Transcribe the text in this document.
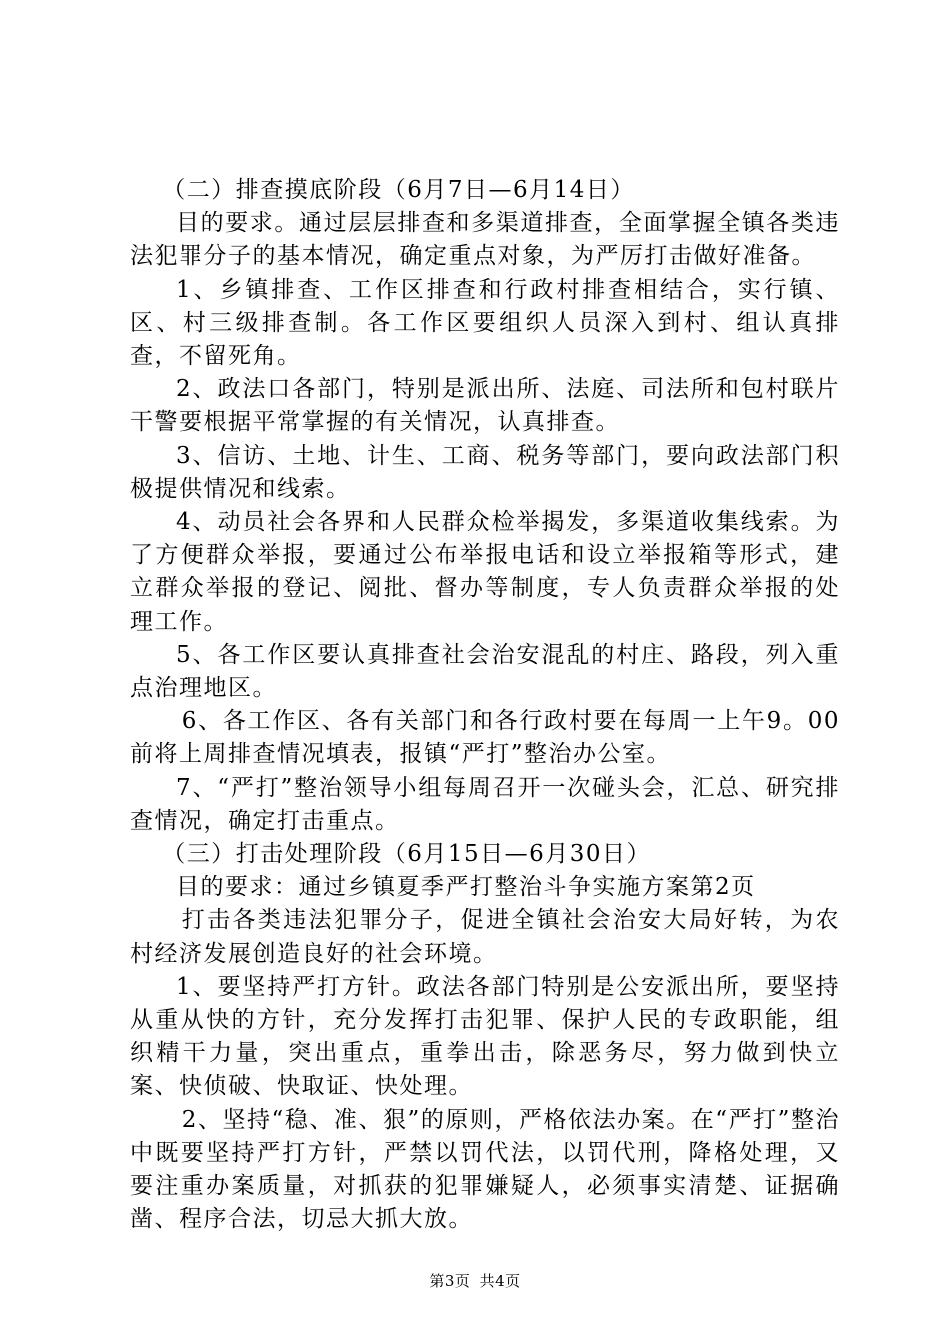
（二）排查摸底阶段（6月7日—6月14日）

目的要求。通过层层排查和多渠道排查，全面掌握全镇各类违法犯罪分子的基本情况，确定重点对象，为严厉打击做好准备。

1、乡镇排查、工作区排查和行政村排查相结合，实行镇、区、村三级排查制。各工作区要组织人员深入到村、组认真排查，不留死角。

2、政法口各部门，特别是派出所、法庭、司法所和包村联片干警要根据平常掌握的有关情况，认真排查。

3、信访、土地、计生、工商、税务等部门，要向政法部门积极提供情况和线索。

4、动员社会各界和人民群众检举揭发，多渠道收集线索。为了方便群众举报，要通过公布举报电话和设立举报箱等形式，建立群众举报的登记、阅批、督办等制度，专人负责群众举报的处理工作。

5、各工作区要认真排查社会治安混乱的村庄、路段，列入重点治理地区。

6、各工作区、各有关部门和各行政村要在每周一上午9。00前将上周排查情况填表，报镇“严打”整治办公室。

7、“严打”整治领导小组每周召开一次碰头会，汇总、研究排查情况，确定打击重点。

（三）打击处理阶段（6月15日—6月30日）

目的要求：通过乡镇夏季严打整治斗争实施方案第2页

打击各类违法犯罪分子，促进全镇社会治安大局好转，为农村经济发展创造良好的社会环境。

1、要坚持严打方针。政法各部门特别是公安派出所，要坚持从重从快的方针，充分发挥打击犯罪、保护人民的专政职能，组织精干力量，突出重点，重拳出击，除恶务尽，努力做到快立案、快侦破、快取证、快处理。

2、坚持“稳、准、狠”的原则，严格依法办案。在“严打”整治中既要坚持严打方针，严禁以罚代法，以罚代刑，降格处理，又要注重办案质量，对抓获的犯罪嫌疑人，必须事实清楚、证据确凿、程序合法，切忌大抓大放。

第3页 共4页
